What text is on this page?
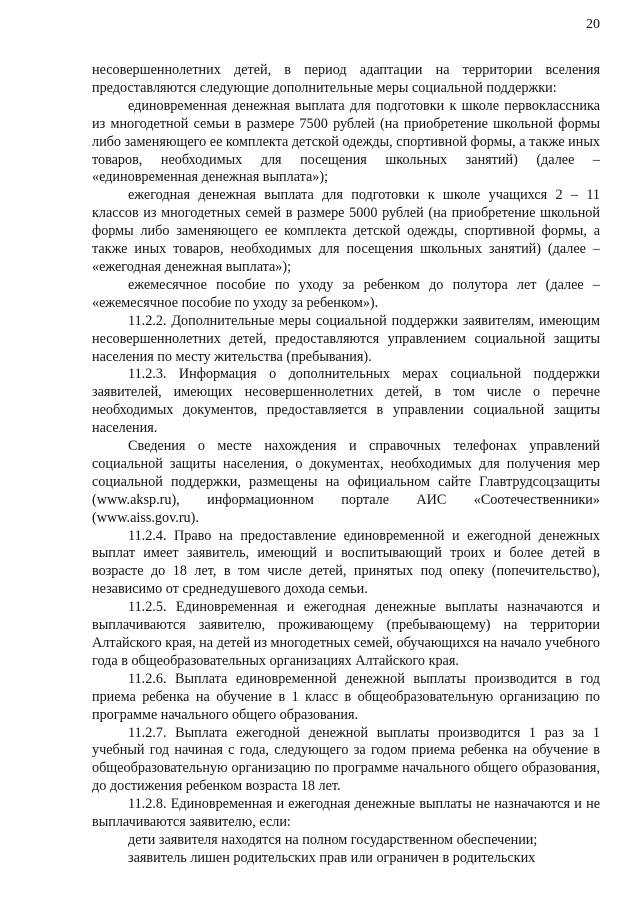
20

несовершеннолетних детей, в период адаптации на территории вселения предоставляются следующие дополнительные меры социальной поддержки:

единовременная денежная выплата для подготовки к школе первоклассника из многодетной семьи в размере 7500 рублей (на приобретение школьной формы либо заменяющего ее комплекта детской одежды, спортивной формы, а также иных товаров, необходимых для посещения школьных занятий) (далее – «единовременная денежная выплата»);

ежегодная денежная выплата для подготовки к школе учащихся 2 – 11 классов из многодетных семей в размере 5000 рублей (на приобретение школьной формы либо заменяющего ее комплекта детской одежды, спортивной формы, а также иных товаров, необходимых для посещения школьных занятий) (далее – «ежегодная денежная выплата»);

ежемесячное пособие по уходу за ребенком до полутора лет (далее – «ежемесячное пособие по уходу за ребенком»).

11.2.2. Дополнительные меры социальной поддержки заявителям, имеющим несовершеннолетних детей, предоставляются управлением социальной защиты населения по месту жительства (пребывания).

11.2.3. Информация о дополнительных мерах социальной поддержки заявителей, имеющих несовершеннолетних детей, в том числе о перечне необходимых документов, предоставляется в управлении социальной защиты населения.

Сведения о месте нахождения и справочных телефонах управлений социальной защиты населения, о документах, необходимых для получения мер социальной поддержки, размещены на официальном сайте Главтрудсоцзащиты (www.aksp.ru), информационном портале АИС «Соотечественники» (www.aiss.gov.ru).

11.2.4. Право на предоставление единовременной и ежегодной денежных выплат имеет заявитель, имеющий и воспитывающий троих и более детей в возрасте до 18 лет, в том числе детей, принятых под опеку (попечительство), независимо от среднедушевого дохода семьи.

11.2.5. Единовременная и ежегодная денежные выплаты назначаются и выплачиваются заявителю, проживающему (пребывающему) на территории Алтайского края, на детей из многодетных семей, обучающихся на начало учебного года в общеобразовательных организациях Алтайского края.

11.2.6. Выплата единовременной денежной выплаты производится в год приема ребенка на обучение в 1 класс в общеобразовательную организацию по программе начального общего образования.

11.2.7. Выплата ежегодной денежной выплаты производится 1 раз за 1 учебный год начиная с года, следующего за годом приема ребенка на обучение в общеобразовательную организацию по программе начального общего образования, до достижения ребенком возраста 18 лет.

11.2.8. Единовременная и ежегодная денежные выплаты не назначаются и не выплачиваются заявителю, если:

дети заявителя находятся на полном государственном обеспечении;

заявитель лишен родительских прав или ограничен в родительских
